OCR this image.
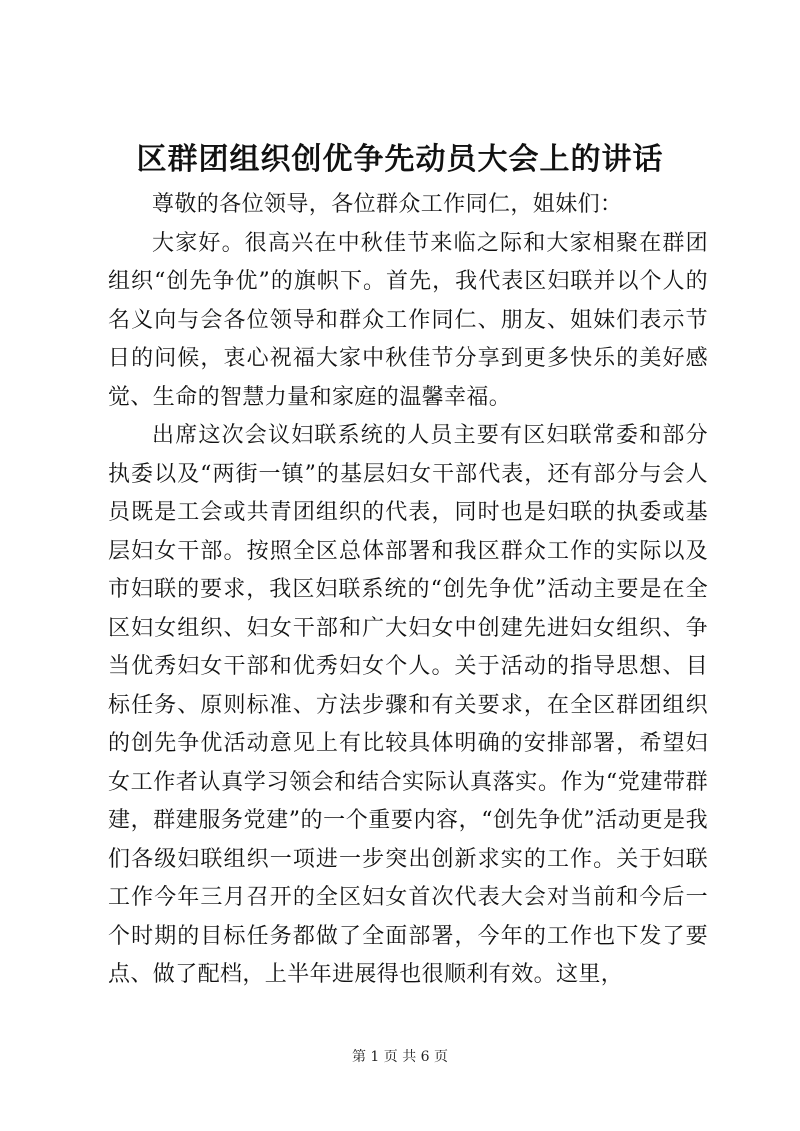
区群团组织创优争先动员大会上的讲话

尊敬的各位领导，各位群众工作同仁，姐妹们：

大家好。很高兴在中秋佳节来临之际和大家相聚在群团组织“创先争优”的旗帜下。首先，我代表区妇联并以个人的名义向与会各位领导和群众工作同仁、朋友、姐妹们表示节日的问候，衷心祝福大家中秋佳节分享到更多快乐的美好感觉、生命的智慧力量和家庭的温馨幸福。

出席这次会议妇联系统的人员主要有区妇联常委和部分执委以及“两街一镇”的基层妇女干部代表，还有部分与会人员既是工会或共青团组织的代表，同时也是妇联的执委或基层妇女干部。按照全区总体部署和我区群众工作的实际以及市妇联的要求，我区妇联系统的“创先争优”活动主要是在全区妇女组织、妇女干部和广大妇女中创建先进妇女组织、争当优秀妇女干部和优秀妇女个人。关于活动的指导思想、目标任务、原则标准、方法步骤和有关要求，在全区群团组织的创先争优活动意见上有比较具体明确的安排部署，希望妇女工作者认真学习领会和结合实际认真落实。作为“党建带群建，群建服务党建”的一个重要内容，“创先争优”活动更是我们各级妇联组织一项进一步突出创新求实的工作。关于妇联工作今年三月召开的全区妇女首次代表大会对当前和今后一个时期的目标任务都做了全面部署，今年的工作也下发了要点、做了配档，上半年进展得也很顺利有效。这里，

第 1 页 共 6 页
